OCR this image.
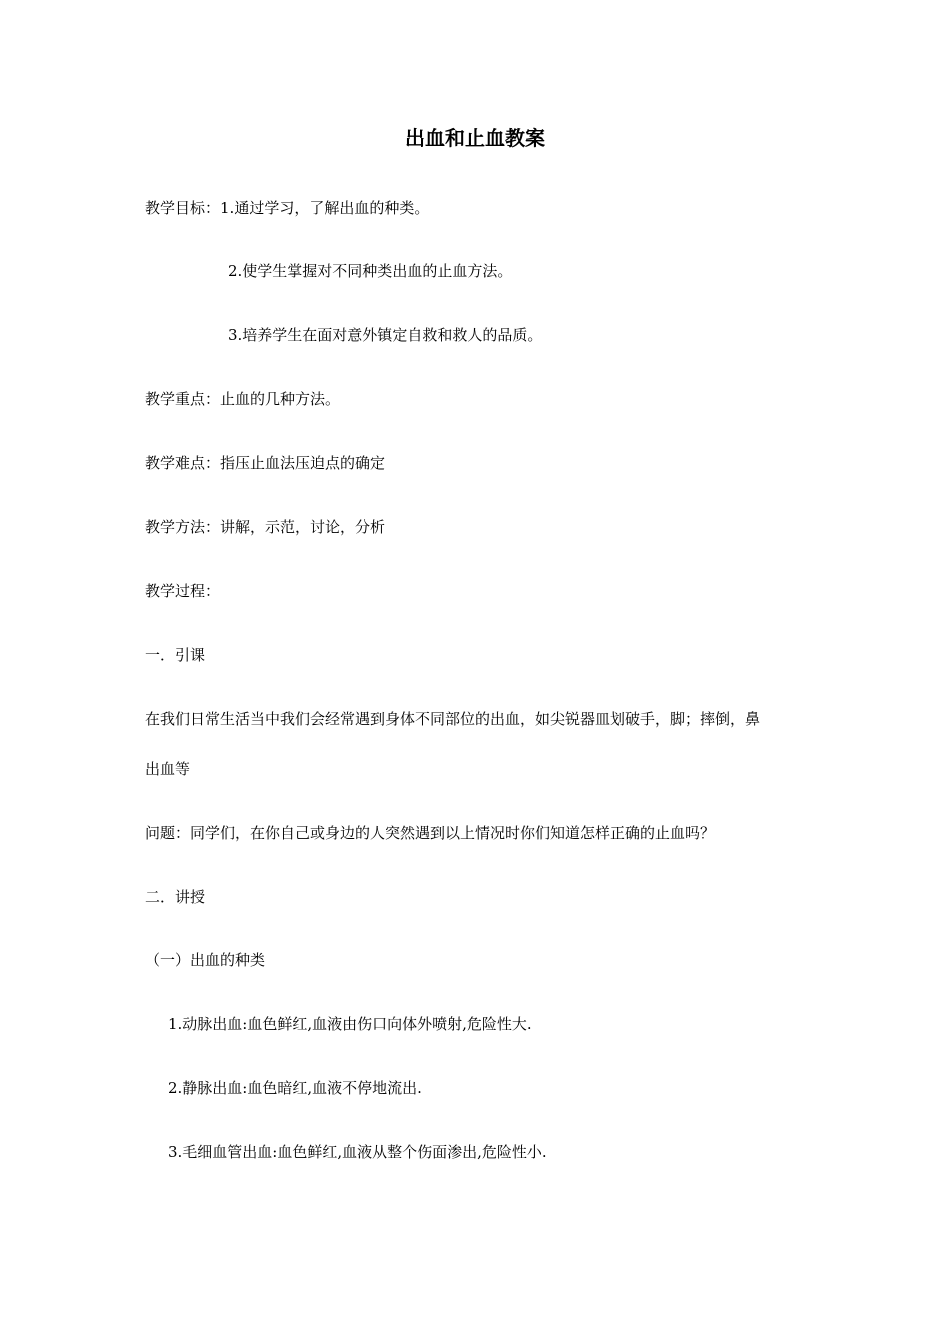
出血和止血教案
教学目标：1.通过学习，了解出血的种类。
2.使学生掌握对不同种类出血的止血方法。
3.培养学生在面对意外镇定自救和救人的品质。
教学重点：止血的几种方法。
教学难点：指压止血法压迫点的确定
教学方法：讲解，示范，讨论，分析
教学过程：
一．引课
在我们日常生活当中我们会经常遇到身体不同部位的出血，如尖锐器皿划破手，脚；摔倒，鼻
出血等
问题：同学们，在你自己或身边的人突然遇到以上情况时你们知道怎样正确的止血吗？
二．讲授
（一）出血的种类
1.动脉出血:血色鲜红,血液由伤口向体外喷射,危险性大.
2.静脉出血:血色暗红,血液不停地流出.
3.毛细血管出血:血色鲜红,血液从整个伤面渗出,危险性小.
